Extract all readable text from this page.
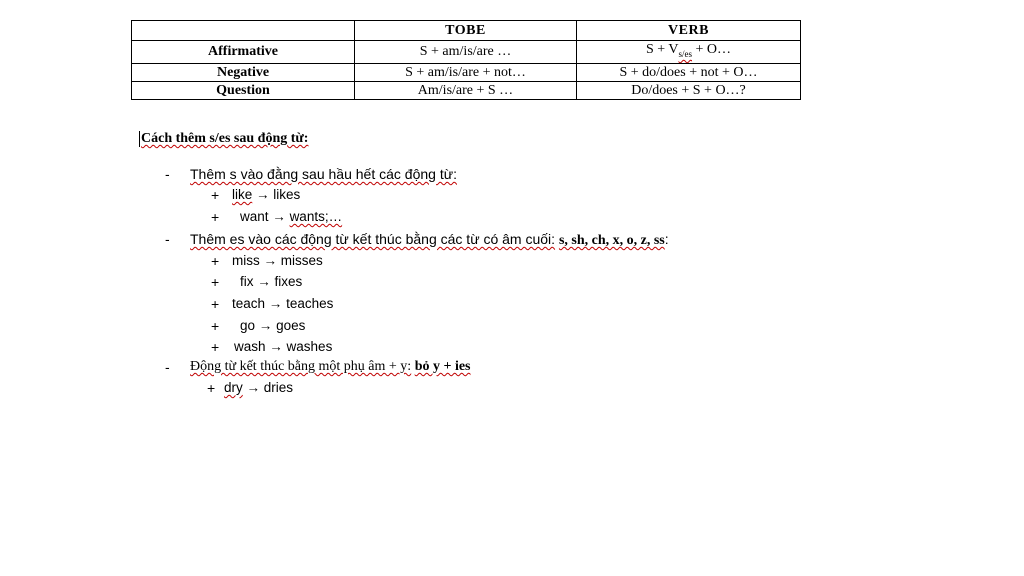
	TOBE	VERB
Affirmative	S + am/is/are …	$S + V_{s/es}$ + O…
Negative	S + am/is/are + not…	S + do/does + not + O…
Question	Am/is/are + S …	Do/does + S + O…?
Cách thêm s/es sau động từ:
- Thêm s vào đằng sau hầu hết các động từ:
+ like → likes
+ want → wants;…
- Thêm es vào các động từ kết thúc bằng các từ có âm cuối: s, sh, ch, x, o, z, ss:
+ miss → misses
+ fix → fixes
+ teach → teaches
+ go → goes
+ wash → washes
- Động từ kết thúc bằng một phụ âm + y: bỏ y + ies
+ dry → dries
